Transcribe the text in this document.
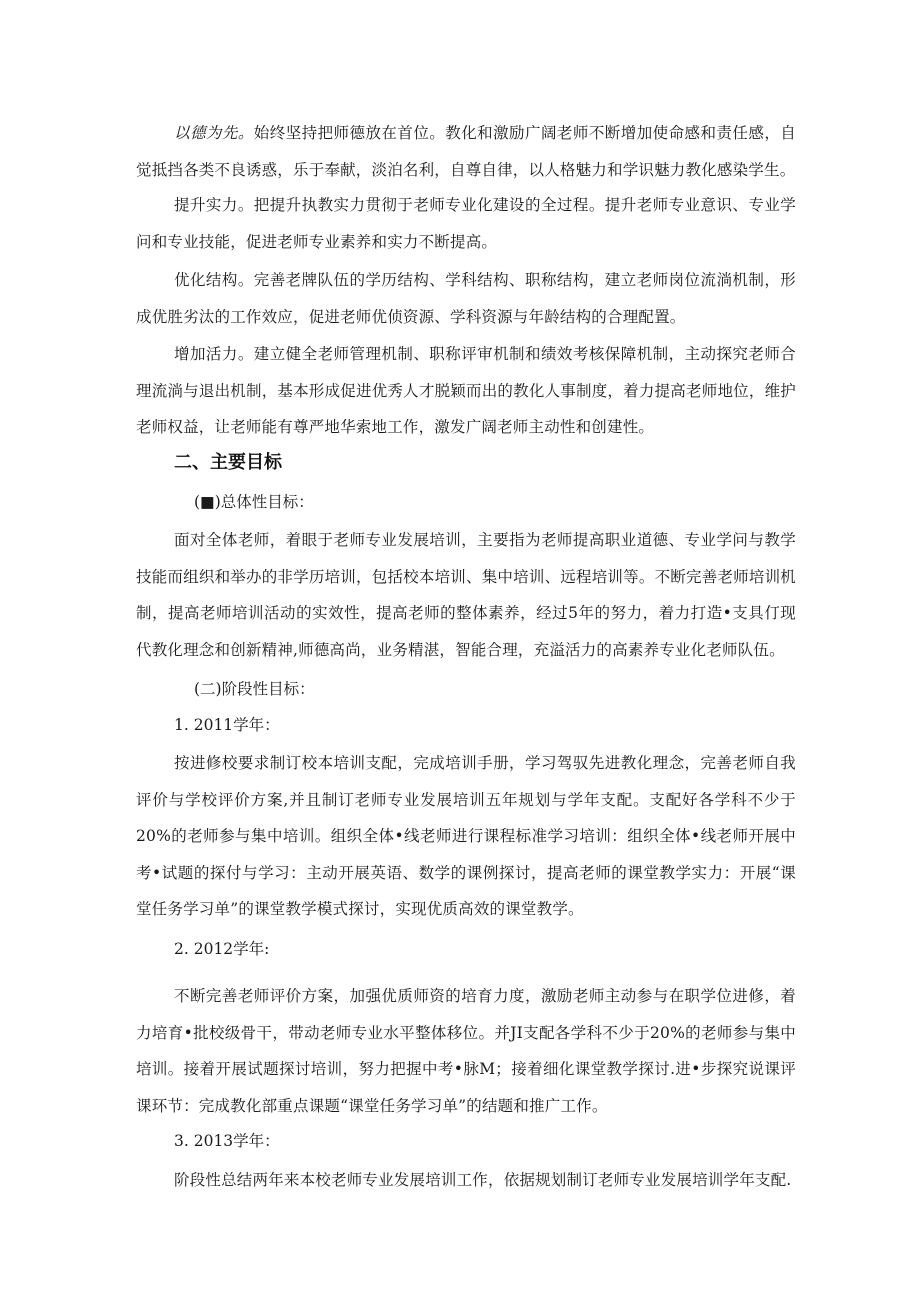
以德为先。始终坚持把师德放在首位。教化和激励广阔老师不断增加使命感和责任感，自觉抵挡各类不良诱惑，乐于奉献，淡泊名利，自尊自律，以人格魅力和学识魅力教化感染学生。

提升实力。把提升执教实力贯彻于老师专业化建设的全过程。提升老师专业意识、专业学问和专业技能，促进老师专业素养和实力不断提高。

优化结构。完善老牌队伍的学历结构、学科结构、职称结构，建立老师岗位流淌机制，形成优胜劣汰的工作效应，促进老师优侦资源、学科资源与年龄结构的合理配置。

增加活力。建立健全老师管理机制、职称评审机制和绩效考核保障机制，主动探究老师合理流淌与退出机制，基本形成促进优秀人才脱颖而出的教化人事制度，着力提高老师地位，维护老师权益，让老师能有尊严地华索地工作，激发广阔老师主动性和创建性。

二、主要目标

(■)总体性目标：

面对全体老师，着眼于老师专业发展培训，主要指为老师提高职业道德、专业学问与教学技能而组织和举办的非学历培训，包括校本培训、集中培训、远程培训等。不断完善老师培训机制，提高老师培训活动的实效性，提高老师的整体素养，经过5年的努力，着力打造•支具仃现代教化理念和创新精神,师德高尚，业务精湛，智能合理，充溢活力的高素养专业化老师队伍。

(二)阶段性目标：

1. 2011学年：

按进修校要求制订校本培训支配，完成培训手册，学习驾驭先进教化理念，完善老师自我评价与学校评价方案,并且制订老师专业发展培训五年规划与学年支配。支配好各学科不少于20%的老师参与集中培训。组织全体•线老师进行课程标准学习培训：组织全体•线老师开展中考•试题的探付与学习：主动开展英语、数学的课例探讨，提高老师的课堂教学实力：开展“课堂任务学习单”的课堂教学模式探讨，实现优质高效的课堂教学。

2. 2012学年:

不断完善老师评价方案，加强优质师资的培育力度，激励老师主动参与在职学位进修，着力培育•批校级骨干，带动老师专业水平整体移位。并JI支配各学科不少于20%的老师参与集中培训。接着开展试题探讨培训，努力把握中考•脉M；接着细化课堂教学探讨.进•步探究说课评课环节：完成教化部重点课题“课堂任务学习单”的结题和推广工作。

3. 2013学年：

阶段性总结两年来本校老师专业发展培训工作，依据规划制订老师专业发展培训学年支配.
